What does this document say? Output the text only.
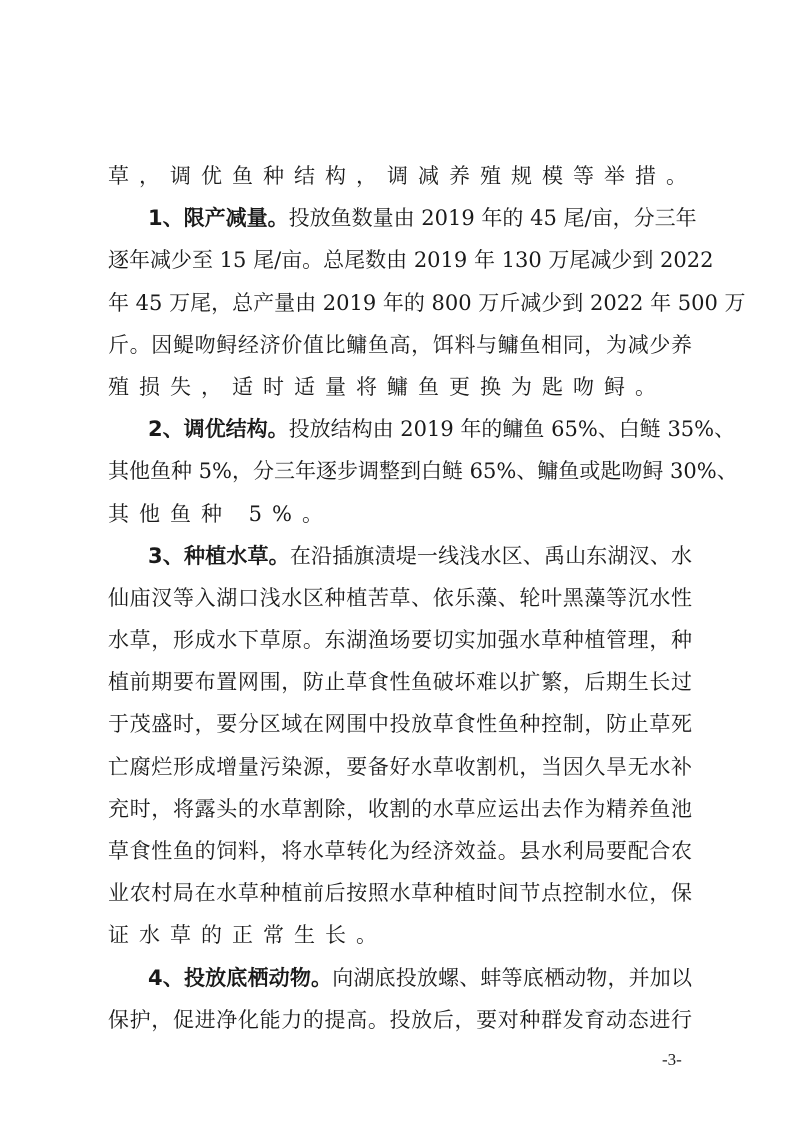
草，调优鱼种结构，调减养殖规模等举措。
1、限产减量。投放鱼数量由 2019 年的 45 尾/亩，分三年
逐年减少至 15 尾/亩。总尾数由 2019 年 130 万尾减少到 2022
年 45 万尾，总产量由 2019 年的 800 万斤减少到 2022 年 500 万
斤。因鳀吻鲟经济价值比鳙鱼高，饵料与鳙鱼相同，为减少养
殖损失，适时适量将鳙鱼更换为匙吻鲟。
2、调优结构。投放结构由 2019 年的鳙鱼 65%、白鲢 35%、
其他鱼种 5%，分三年逐步调整到白鲢 65%、鳙鱼或匙吻鲟 30%、
其他鱼种 5%。
3、种植水草。在沿插旗渍堤一线浅水区、禹山东湖汊、水
仙庙汊等入湖口浅水区种植苦草、依乐藻、轮叶黑藻等沉水性
水草，形成水下草原。东湖渔场要切实加强水草种植管理，种
植前期要布置网围，防止草食性鱼破坏难以扩繁，后期生长过
于茂盛时，要分区域在网围中投放草食性鱼种控制，防止草死
亡腐烂形成增量污染源，要备好水草收割机，当因久旱无水补
充时，将露头的水草割除，收割的水草应运出去作为精养鱼池
草食性鱼的饲料，将水草转化为经济效益。县水利局要配合农
业农村局在水草种植前后按照水草种植时间节点控制水位，保
证水草的正常生长。
4、投放底栖动物。向湖底投放螺、蚌等底栖动物，并加以
保护，促进净化能力的提高。投放后，要对种群发育动态进行
-3-
